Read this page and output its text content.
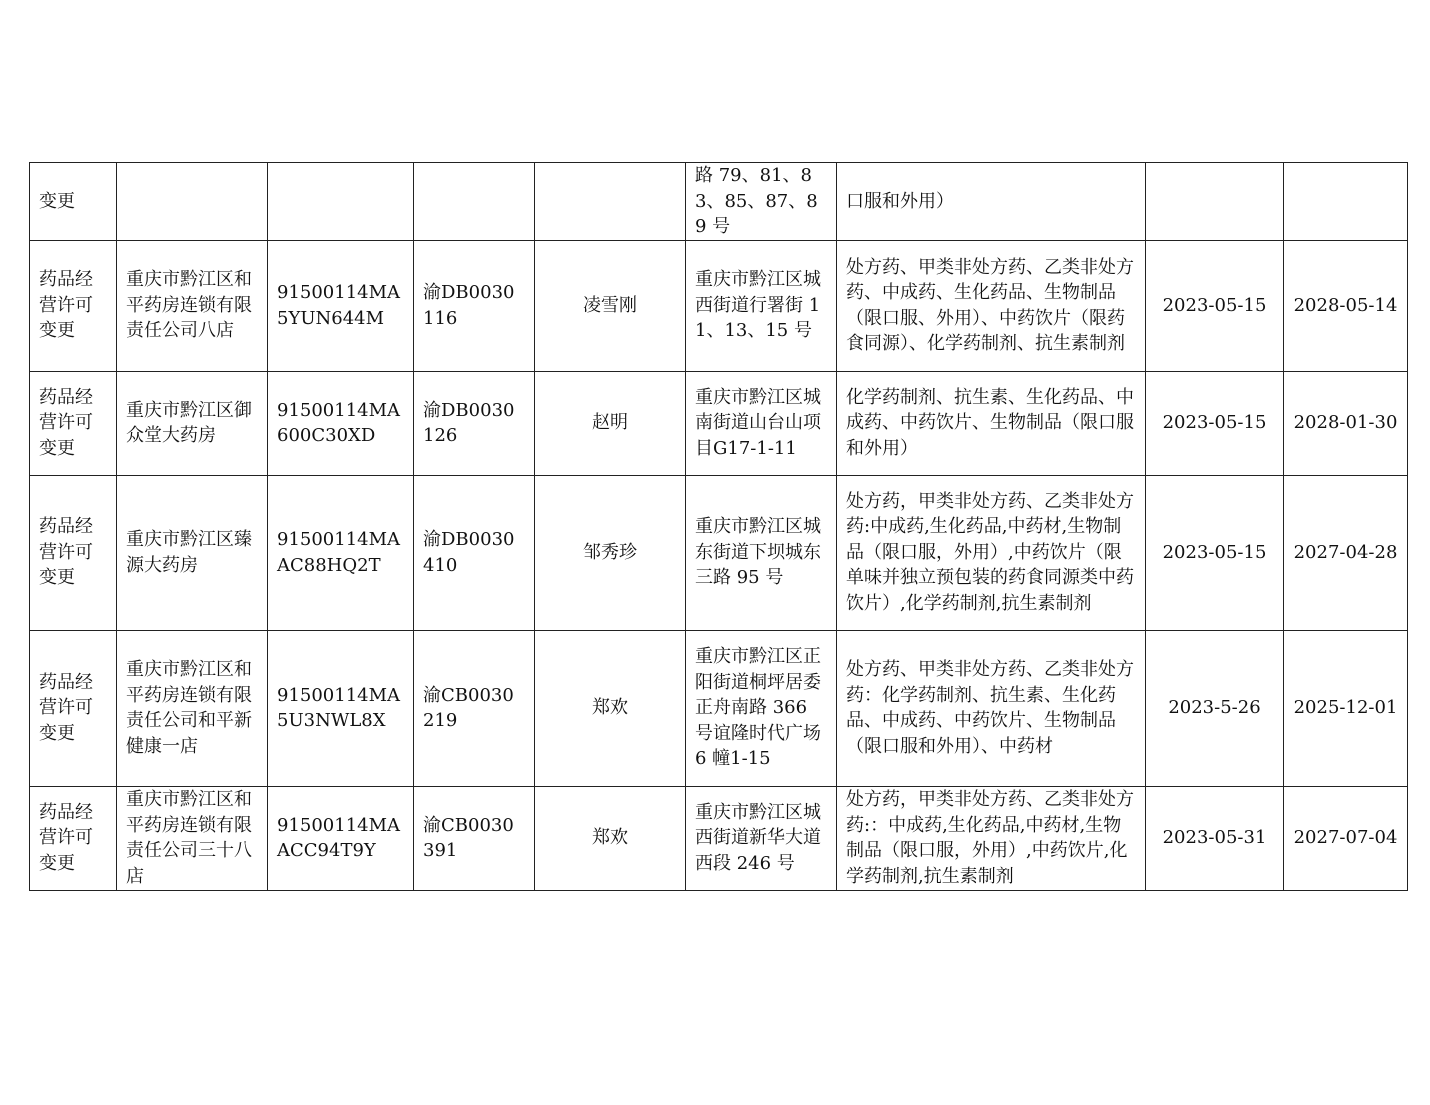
变更					路 79、81、83、85、87、89 号	口服和外用）		
药品经营许可变更	重庆市黔江区和平药房连锁有限责任公司八店	91500114MA5YUN644M	渝DB0030116	凌雪刚	重庆市黔江区城西街道行署街 11、13、15 号	处方药、甲类非处方药、乙类非处方药、中成药、生化药品、生物制品（限口服、外用）、中药饮片（限药食同源）、化学药制剂、抗生素制剂	2023-05-15	2028-05-14
药品经营许可变更	重庆市黔江区御众堂大药房	91500114MA600C30XD	渝DB0030126	赵明	重庆市黔江区城南街道山台山项目G17-1-11	化学药制剂、抗生素、生化药品、中成药、中药饮片、生物制品（限口服和外用）	2023-05-15	2028-01-30
药品经营许可变更	重庆市黔江区臻源大药房	91500114MAAC88HQ2T	渝DB0030410	邹秀珍	重庆市黔江区城东街道下坝城东三路 95 号	处方药，甲类非处方药、乙类非处方药:中成药,生化药品,中药材,生物制品（限口服，外用）,中药饮片（限单味并独立预包装的药食同源类中药饮片）,化学药制剂,抗生素制剂	2023-05-15	2027-04-28
药品经营许可变更	重庆市黔江区和平药房连锁有限责任公司和平新健康一店	91500114MA5U3NWL8X	渝CB0030219	郑欢	重庆市黔江区正阳街道桐坪居委正舟南路 366 号谊隆时代广场 6 幢1-15	处方药、甲类非处方药、乙类非处方药：化学药制剂、抗生素、生化药品、中成药、中药饮片、生物制品（限口服和外用）、中药材	2023-5-26	2025-12-01
药品经营许可变更	重庆市黔江区和平药房连锁有限责任公司三十八店	91500114MAACC94T9Y	渝CB0030391	郑欢	重庆市黔江区城西街道新华大道西段 246 号	处方药，甲类非处方药、乙类非处方药:：中成药,生化药品,中药材,生物制品（限口服，外用）,中药饮片,化学药制剂,抗生素制剂	2023-05-31	2027-07-04
